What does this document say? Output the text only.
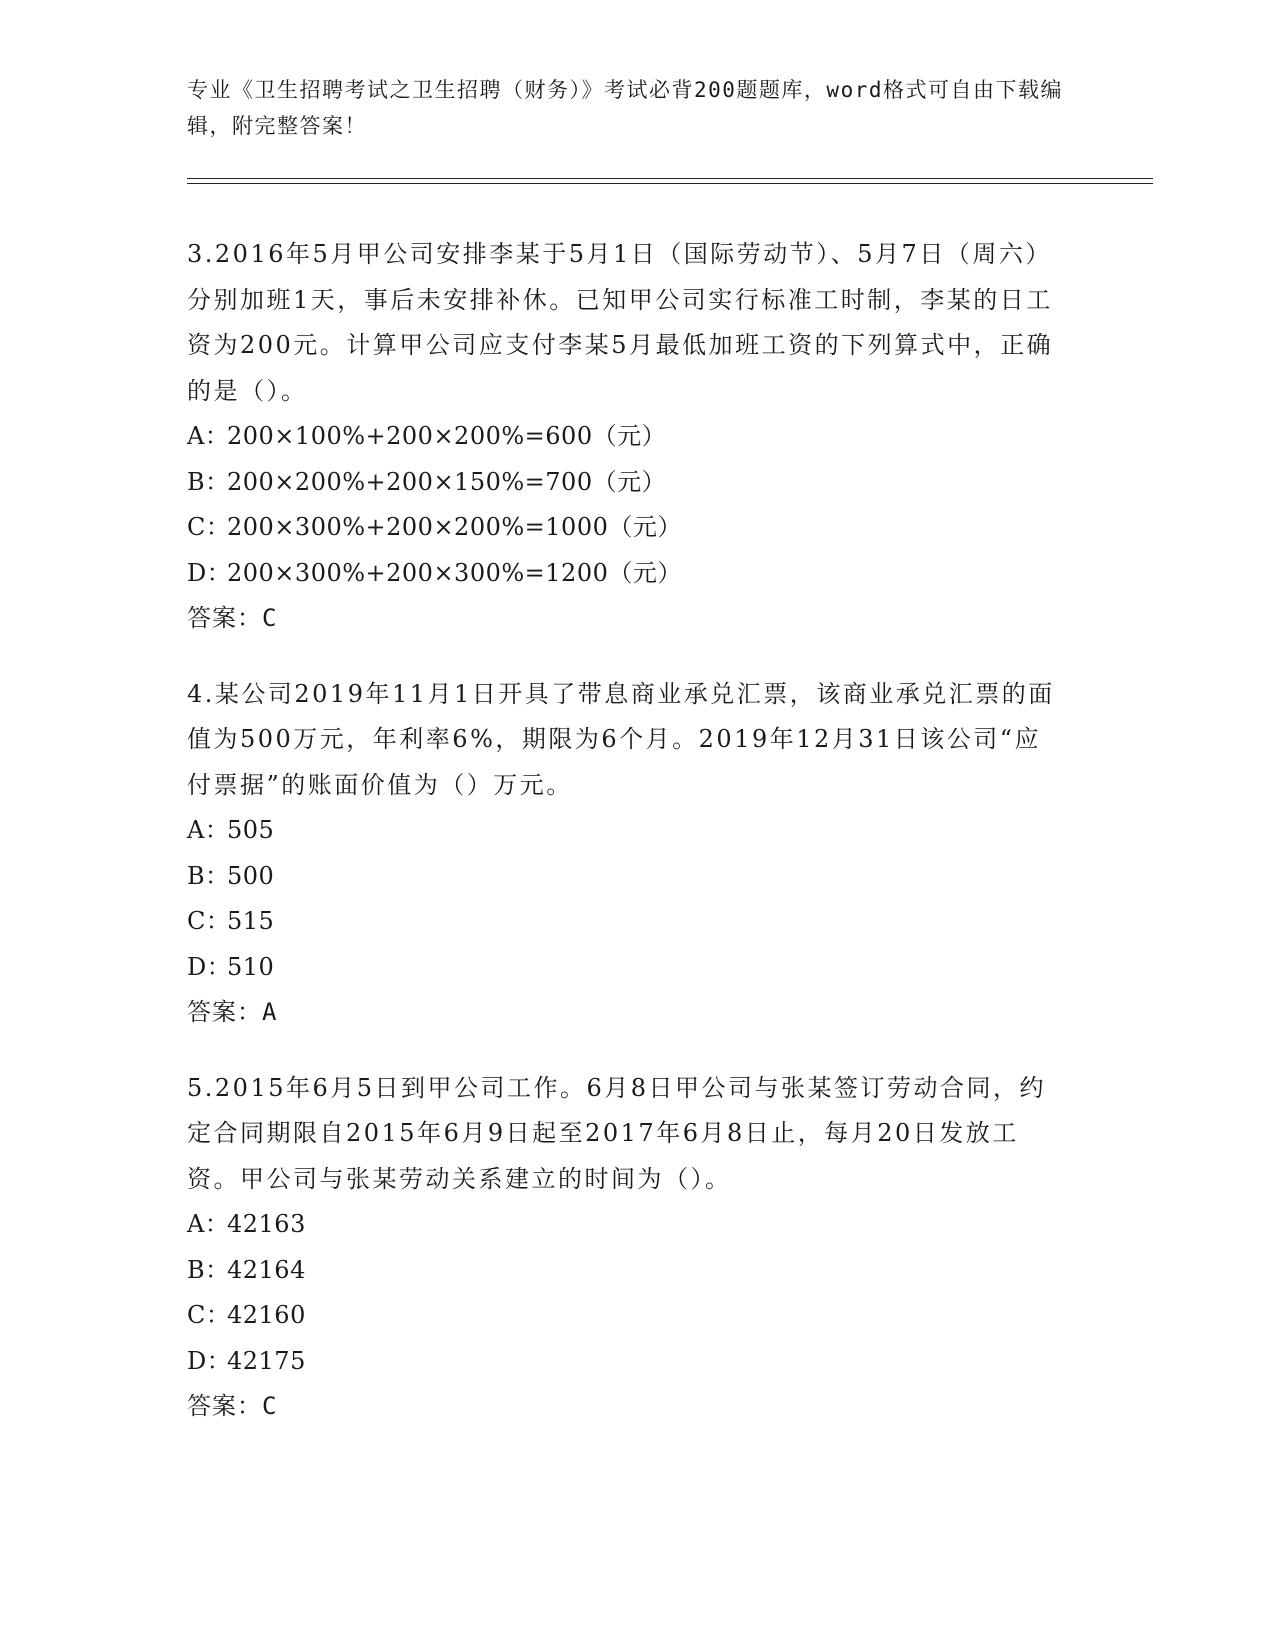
专业《卫生招聘考试之卫生招聘（财务）》考试必背200题题库，word格式可自由下载编辑，附完整答案！

3.2016年5月甲公司安排李某于5月1日（国际劳动节）、5月7日（周六）分别加班1天，事后未安排补休。已知甲公司实行标准工时制，李某的日工资为200元。计算甲公司应支付李某5月最低加班工资的下列算式中，正确的是（）。

A：200×100%+200×200%=600（元）

B：200×200%+200×150%=700（元）

C：200×300%+200×200%=1000（元）

D：200×300%+200×300%=1200（元）

答案：C

4.某公司2019年11月1日开具了带息商业承兑汇票，该商业承兑汇票的面值为500万元，年利率6%，期限为6个月。2019年12月31日该公司“应付票据”的账面价值为（）万元。

A：505

B：500

C：515

D：510

答案：A

5.2015年6月5日到甲公司工作。6月8日甲公司与张某签订劳动合同，约定合同期限自2015年6月9日起至2017年6月8日止，每月20日发放工资。甲公司与张某劳动关系建立的时间为（）。

A：42163

B：42164

C：42160

D：42175

答案：C
